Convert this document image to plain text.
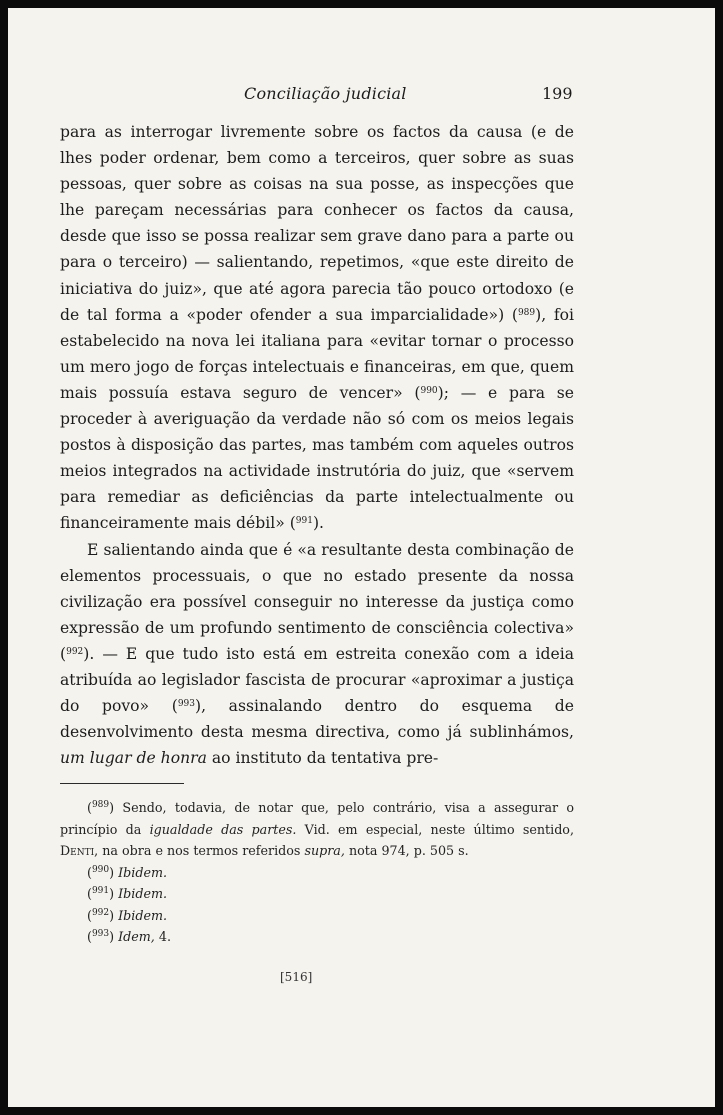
Conciliação judicial	199

para as interrogar livremente sobre os factos da causa (e de lhes poder ordenar, bem como a terceiros, quer sobre as suas pessoas, quer sobre as coisas na sua posse, as inspecções que lhe pareçam necessárias para conhecer os factos da causa, desde que isso se possa realizar sem grave dano para a parte ou para o terceiro) — salientando, repetimos, «que este direito de iniciativa do juiz», que até agora parecia tão pouco ortodoxo (e de tal forma a «poder ofender a sua imparcialidade») ($^{989}$), foi estabelecido na nova lei italiana para «evitar tornar o processo um mero jogo de forças intelectuais e financeiras, em que, quem mais possuía estava seguro de vencer» ($^{990}$); — e para se proceder à averiguação da verdade não só com os meios legais postos à disposição das partes, mas também com aqueles outros meios integrados na actividade instrutória do juiz, que «servem para remediar as deficiências da parte intelectualmente ou financeiramente mais débil» ($^{991}$).

E salientando ainda que é «a resultante desta combinação de elementos processuais, o que no estado presente da nossa civilização era possível conseguir no interesse da justiça como expressão de um profundo sentimento de consciência colectiva» ($^{992}$). — E que tudo isto está em estreita conexão com a ideia atribuída ao legislador fascista de procurar «aproximar a justiça do povo» ($^{993}$), assinalando dentro do esquema de desenvolvimento desta mesma directiva, como já sublinhámos, um lugar de honra ao instituto da tentativa pre-

($^{989}$) Sendo, todavia, de notar que, pelo contrário, visa a assegurar o princípio da igualdade das partes. Vid. em especial, neste último sentido, Denti, na obra e nos termos referidos supra, nota 974, p. 505 s.

($^{990}$) Ibidem.

($^{991}$) Ibidem.

($^{992}$) Ibidem.

($^{993}$) Idem, 4.

[516]
